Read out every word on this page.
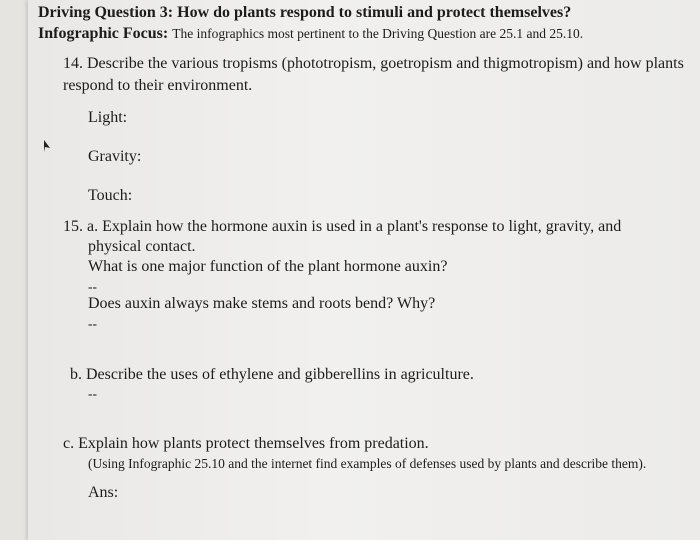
Driving Question 3: How do plants respond to stimuli and protect themselves?
Infographic Focus: The infographics most pertinent to the Driving Question are 25.1 and 25.10.
14. Describe the various tropisms (phototropism, goetropism and thigmotropism) and how plants
respond to their environment.
Light:
Gravity:
Touch:
15. a. Explain how the hormone auxin is used in a plant's response to light, gravity, and
physical contact.
What is one major function of the plant hormone auxin?
--
Does auxin always make stems and roots bend? Why?
--
b. Describe the uses of ethylene and gibberellins in agriculture.
--
c. Explain how plants protect themselves from predation.
(Using Infographic 25.10 and the internet find examples of defenses used by plants and describe them).
Ans:
